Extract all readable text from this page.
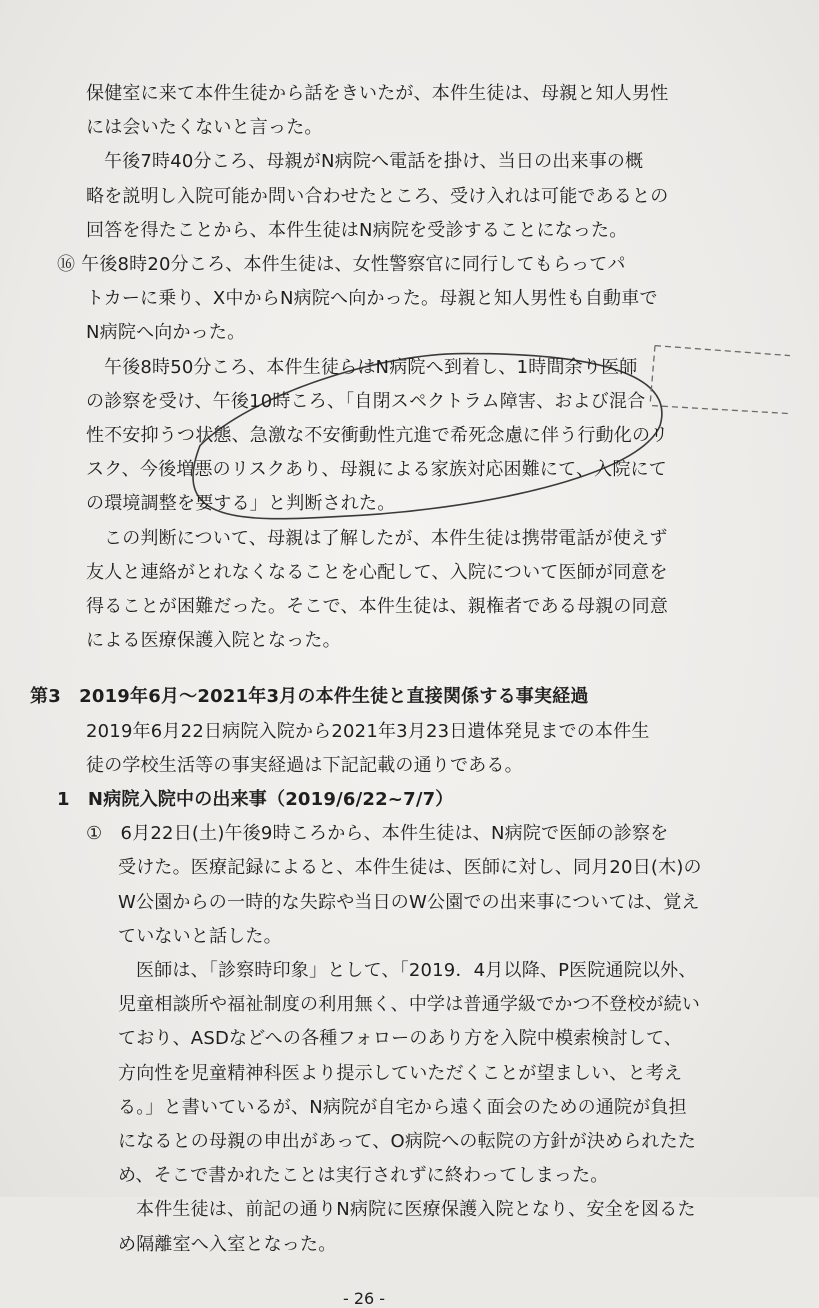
- 26 -
保健室に来て本件生徒から話をきいたが、本件生徒は、母親と知人男性
には会いたくないと言った。
午後7時40分ころ、母親がN病院へ電話を掛け、当日の出来事の概
略を説明し入院可能か問い合わせたところ、受け入れは可能であるとの
回答を得たことから、本件生徒はN病院を受診することになった。
⑯ 午後8時20分ころ、本件生徒は、女性警察官に同行してもらってパ
トカーに乗り、X中からN病院へ向かった。母親と知人男性も自動車で
N病院へ向かった。
午後8時50分ころ、本件生徒らはN病院へ到着し、1時間余り医師
の診察を受け、午後10時ころ、「自閉スペクトラム障害、および混合
性不安抑うつ状態、急激な不安衝動性亢進で希死念慮に伴う行動化のリ
スク、今後増悪のリスクあり、母親による家族対応困難にて、入院にて
の環境調整を要する」と判断された。
この判断について、母親は了解したが、本件生徒は携帯電話が使えず
友人と連絡がとれなくなることを心配して、入院について医師が同意を
得ることが困難だった。そこで、本件生徒は、親権者である母親の同意
による医療保護入院となった。
第3　2019年6月～2021年3月の本件生徒と直接関係する事実経過
2019年6月22日病院入院から2021年3月23日遺体発見までの本件生
徒の学校生活等の事実経過は下記記載の通りである。
1　N病院入院中の出来事（2019/6/22~7/7）
①　6月22日(土)午後9時ころから、本件生徒は、N病院で医師の診察を
受けた。医療記録によると、本件生徒は、医師に対し、同月20日(木)の
W公園からの一時的な失踪や当日のW公園での出来事については、覚え
ていないと話した。
医師は、「診察時印象」として、「2019．4月以降、P医院通院以外、
児童相談所や福祉制度の利用無く、中学は普通学級でかつ不登校が続い
ており、ASDなどへの各種フォローのあり方を入院中模索検討して、
方向性を児童精神科医より提示していただくことが望ましい、と考え
る。」と書いているが、N病院が自宅から遠く面会のための通院が負担
になるとの母親の申出があって、O病院への転院の方針が決められたた
め、そこで書かれたことは実行されずに終わってしまった。
本件生徒は、前記の通りN病院に医療保護入院となり、安全を図るた
め隔離室へ入室となった。
